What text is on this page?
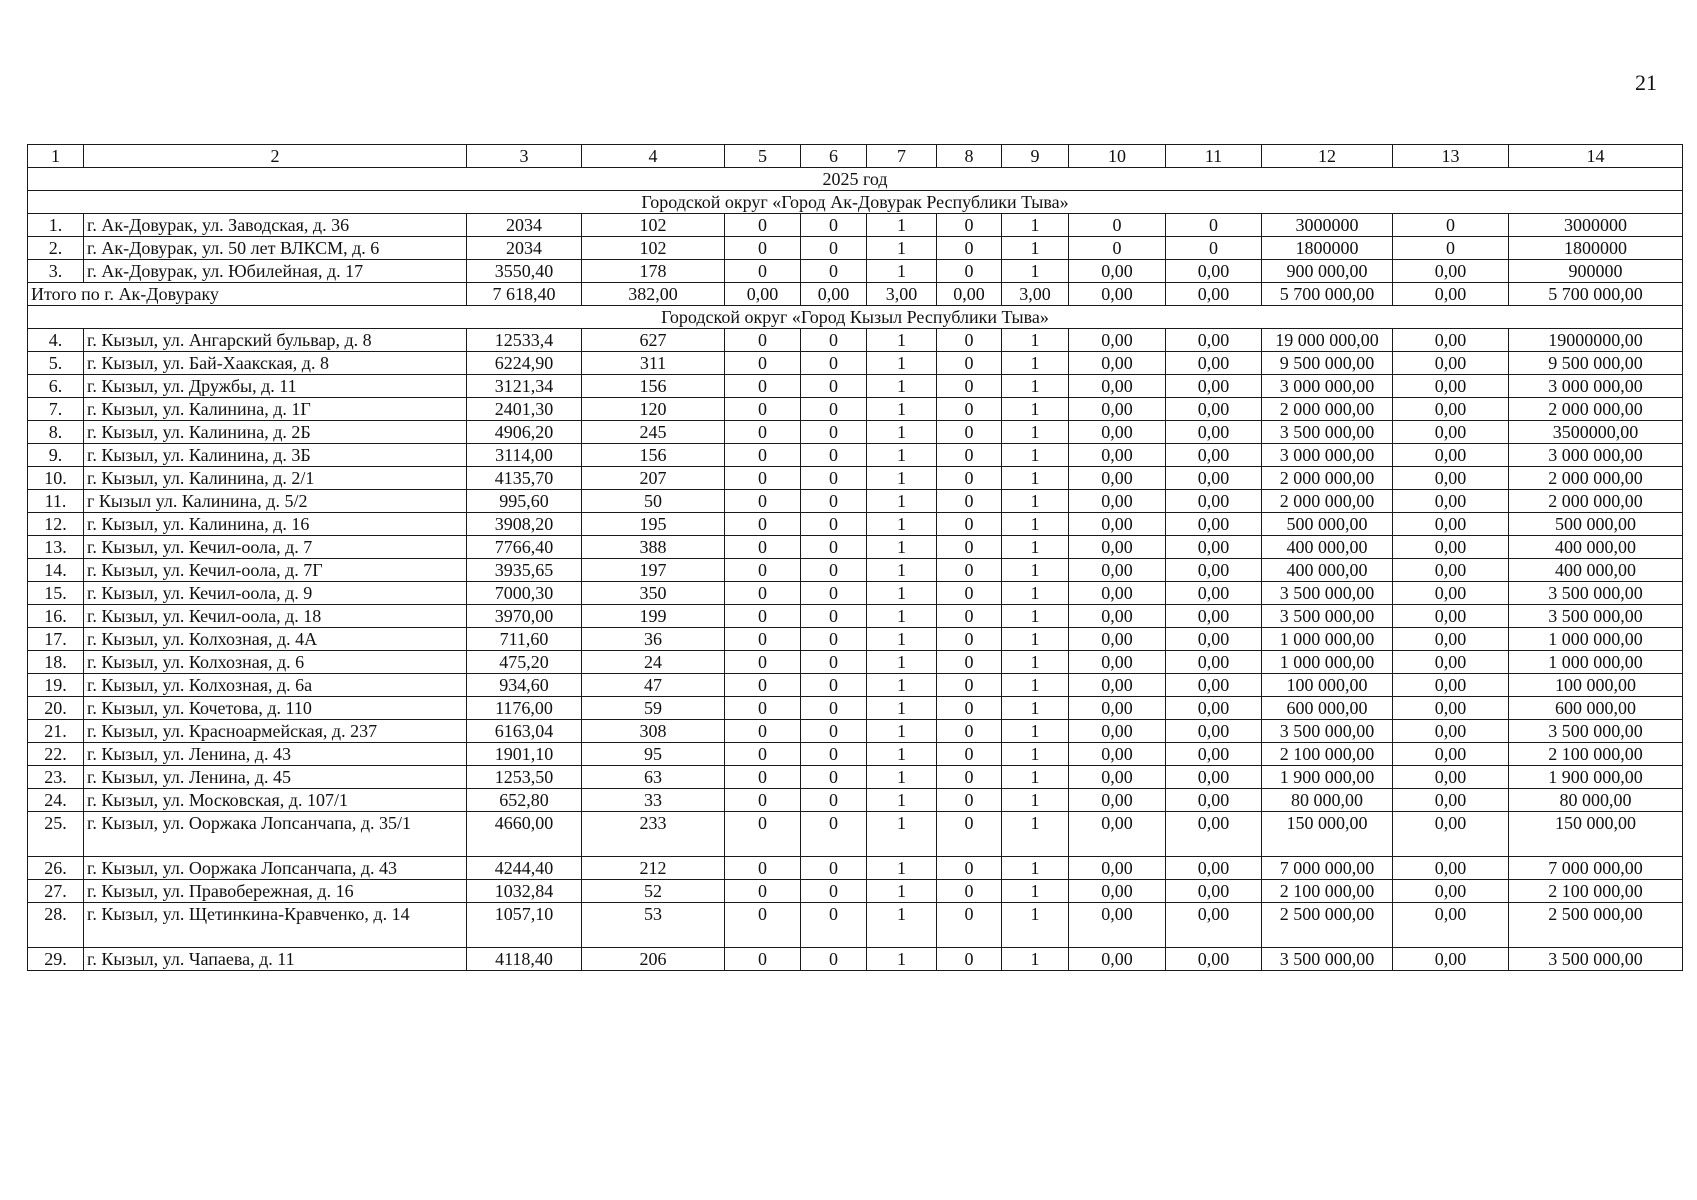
21
1	2	3	4	5	6	7	8	9	10	11	12	13	14
2025 год													
Городской округ «Город Ак-Довурак Республики Тыва»													
1.	г. Ак-Довурак, ул. Заводская, д. 36	2034	102	0	0	1	0	1	0	0	3000000	0	3000000
2.	г. Ак-Довурак, ул. 50 лет ВЛКСМ, д. 6	2034	102	0	0	1	0	1	0	0	1800000	0	1800000
3.	г. Ак-Довурак, ул. Юбилейная, д. 17	3550,40	178	0	0	1	0	1	0,00	0,00	900 000,00	0,00	900000
Итого по г. Ак-Довураку		7 618,40	382,00	0,00	0,00	3,00	0,00	3,00	0,00	0,00	5 700 000,00	0,00	5 700 000,00
Городской округ «Город Кызыл Республики Тыва»													
4.	г. Кызыл, ул. Ангарский бульвар, д. 8	12533,4	627	0	0	1	0	1	0,00	0,00	19 000 000,00	0,00	19000000,00
5.	г. Кызыл, ул. Бай-Хаакская, д. 8	6224,90	311	0	0	1	0	1	0,00	0,00	9 500 000,00	0,00	9 500 000,00
6.	г. Кызыл, ул. Дружбы, д. 11	3121,34	156	0	0	1	0	1	0,00	0,00	3 000 000,00	0,00	3 000 000,00
7.	г. Кызыл, ул. Калинина, д. 1Г	2401,30	120	0	0	1	0	1	0,00	0,00	2 000 000,00	0,00	2 000 000,00
8.	г. Кызыл, ул. Калинина, д. 2Б	4906,20	245	0	0	1	0	1	0,00	0,00	3 500 000,00	0,00	3500000,00
9.	г. Кызыл, ул. Калинина, д. 3Б	3114,00	156	0	0	1	0	1	0,00	0,00	3 000 000,00	0,00	3 000 000,00
10.	г. Кызыл, ул. Калинина, д. 2/1	4135,70	207	0	0	1	0	1	0,00	0,00	2 000 000,00	0,00	2 000 000,00
11.	г Кызыл ул. Калинина, д. 5/2	995,60	50	0	0	1	0	1	0,00	0,00	2 000 000,00	0,00	2 000 000,00
12.	г. Кызыл, ул. Калинина, д. 16	3908,20	195	0	0	1	0	1	0,00	0,00	500 000,00	0,00	500 000,00
13.	г. Кызыл, ул. Кечил-оола, д. 7	7766,40	388	0	0	1	0	1	0,00	0,00	400 000,00	0,00	400 000,00
14.	г. Кызыл, ул. Кечил-оола, д. 7Г	3935,65	197	0	0	1	0	1	0,00	0,00	400 000,00	0,00	400 000,00
15.	г. Кызыл, ул. Кечил-оола, д. 9	7000,30	350	0	0	1	0	1	0,00	0,00	3 500 000,00	0,00	3 500 000,00
16.	г. Кызыл, ул. Кечил-оола, д. 18	3970,00	199	0	0	1	0	1	0,00	0,00	3 500 000,00	0,00	3 500 000,00
17.	г. Кызыл, ул. Колхозная, д. 4А	711,60	36	0	0	1	0	1	0,00	0,00	1 000 000,00	0,00	1 000 000,00
18.	г. Кызыл, ул. Колхозная, д. 6	475,20	24	0	0	1	0	1	0,00	0,00	1 000 000,00	0,00	1 000 000,00
19.	г. Кызыл, ул. Колхозная, д. 6а	934,60	47	0	0	1	0	1	0,00	0,00	100 000,00	0,00	100 000,00
20.	г. Кызыл, ул. Кочетова, д. 110	1176,00	59	0	0	1	0	1	0,00	0,00	600 000,00	0,00	600 000,00
21.	г. Кызыл, ул. Красноармейская, д. 237	6163,04	308	0	0	1	0	1	0,00	0,00	3 500 000,00	0,00	3 500 000,00
22.	г. Кызыл, ул. Ленина, д. 43	1901,10	95	0	0	1	0	1	0,00	0,00	2 100 000,00	0,00	2 100 000,00
23.	г. Кызыл, ул. Ленина, д. 45	1253,50	63	0	0	1	0	1	0,00	0,00	1 900 000,00	0,00	1 900 000,00
24.	г. Кызыл, ул. Московская, д. 107/1	652,80	33	0	0	1	0	1	0,00	0,00	80 000,00	0,00	80 000,00
25.	г. Кызыл, ул. Ооржака Лопсанчапа, д. 35/1	4660,00	233	0	0	1	0	1	0,00	0,00	150 000,00	0,00	150 000,00
26.	г. Кызыл, ул. Ооржака Лопсанчапа, д. 43	4244,40	212	0	0	1	0	1	0,00	0,00	7 000 000,00	0,00	7 000 000,00
27.	г. Кызыл, ул. Правобережная, д. 16	1032,84	52	0	0	1	0	1	0,00	0,00	2 100 000,00	0,00	2 100 000,00
28.	г. Кызыл, ул. Щетинкина-Кравченко, д. 14	1057,10	53	0	0	1	0	1	0,00	0,00	2 500 000,00	0,00	2 500 000,00
29.	г. Кызыл, ул. Чапаева, д. 11	4118,40	206	0	0	1	0	1	0,00	0,00	3 500 000,00	0,00	3 500 000,00
